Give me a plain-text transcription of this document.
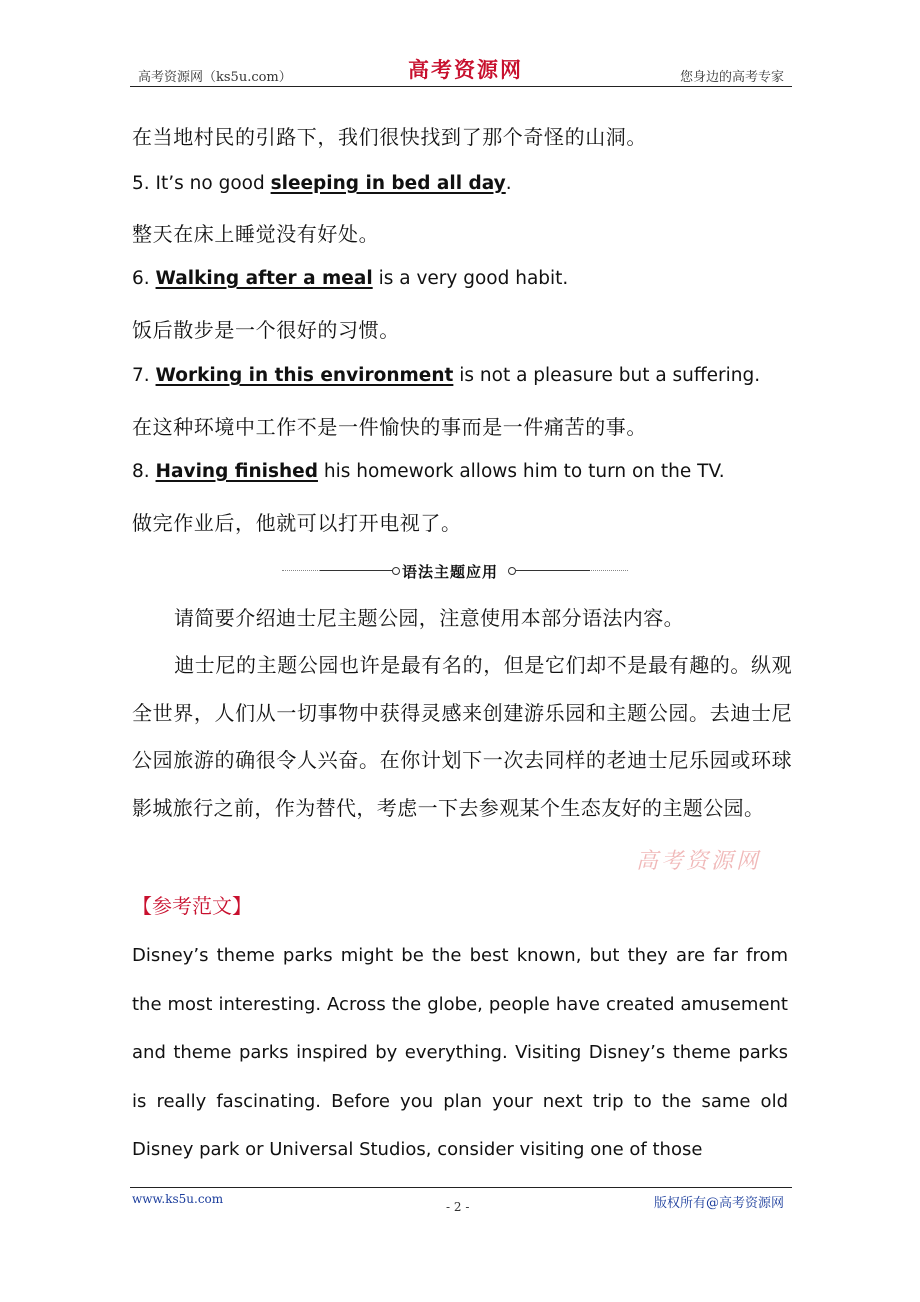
高考资源网（ks5u.com）	高考资源网	您身边的高考专家
在当地村民的引路下，我们很快找到了那个奇怪的山洞。
5. It’s no good sleeping in bed all day.
整天在床上睡觉没有好处。
6. Walking after a meal is a very good habit.
饭后散步是一个很好的习惯。
7. Working in this environment is not a pleasure but a suffering.
在这种环境中工作不是一件愉快的事而是一件痛苦的事。
8. Having finished his homework allows him to turn on the TV.
做完作业后，他就可以打开电视了。
语法主题应用
请简要介绍迪士尼主题公园，注意使用本部分语法内容。
迪士尼的主题公园也许是最有名的，但是它们却不是最有趣的。纵观全世界，人们从一切事物中获得灵感来创建游乐园和主题公园。去迪士尼公园旅游的确很令人兴奋。在你计划下一次去同样的老迪士尼乐园或环球影城旅行之前，作为替代，考虑一下去参观某个生态友好的主题公园。
高考资源网
【参考范文】
Disney’s theme parks might be the best known, but they are far from the most interesting. Across the globe, people have created amusement and theme parks inspired by everything. Visiting Disney’s theme parks is really fascinating. Before you plan your next trip to the same old Disney park or Universal Studios, consider visiting one of those
www.ks5u.com
- 2 -	版权所有@高考资源网
